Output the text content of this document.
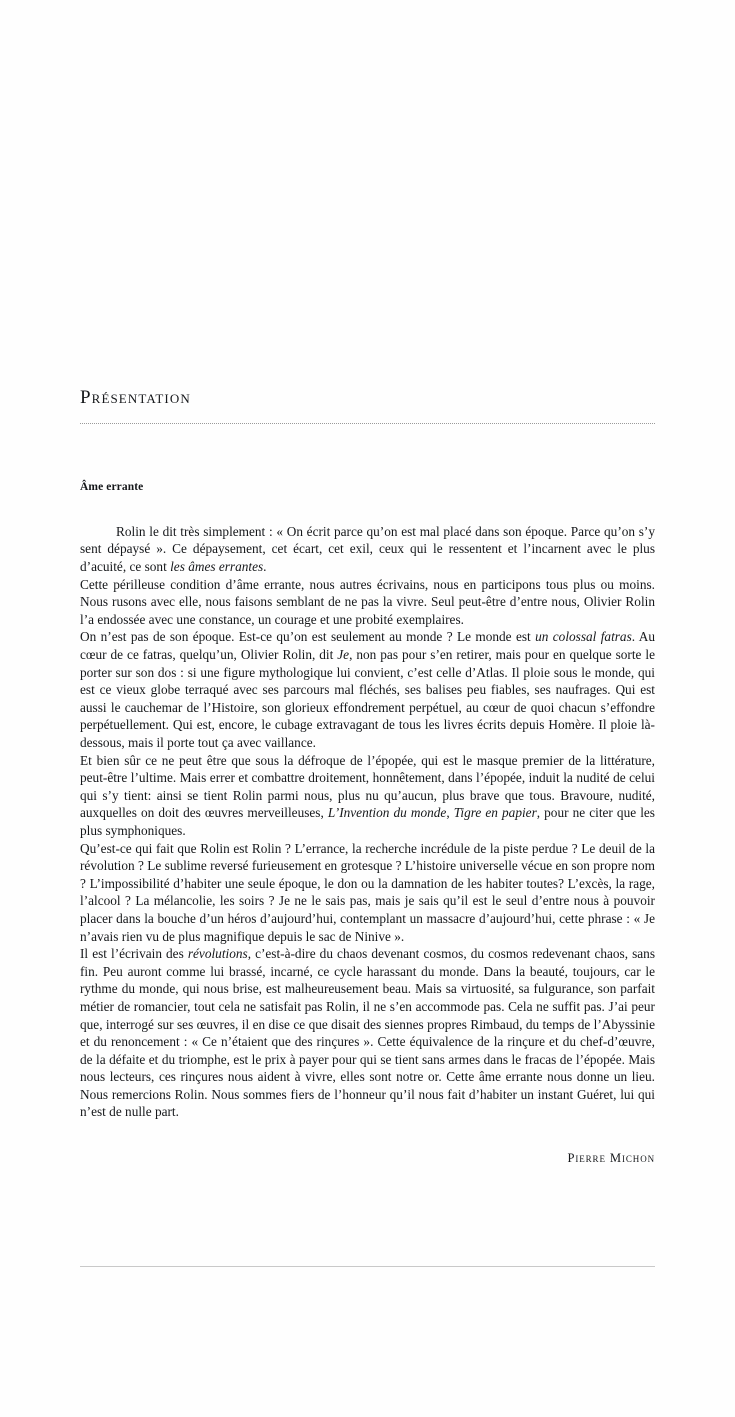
Présentation
Âme errante

Rolin le dit très simplement : « On écrit parce qu’on est mal placé dans son époque. Parce qu’on s’y sent dépaysé ». Ce dépaysement, cet écart, cet exil, ceux qui le ressentent et l’incarnent avec le plus d’acuité, ce sont les âmes errantes.

Cette périlleuse condition d’âme errante, nous autres écrivains, nous en participons tous plus ou moins. Nous rusons avec elle, nous faisons semblant de ne pas la vivre. Seul peut-être d’entre nous, Olivier Rolin l’a endossée avec une constance, un courage et une probité exemplaires.

On n’est pas de son époque. Est-ce qu’on est seulement au monde ? Le monde est un colossal fatras. Au cœur de ce fatras, quelqu’un, Olivier Rolin, dit Je, non pas pour s’en retirer, mais pour en quelque sorte le porter sur son dos : si une figure mythologique lui convient, c’est celle d’Atlas. Il ploie sous le monde, qui est ce vieux globe terraqué avec ses parcours mal fléchés, ses balises peu fiables, ses naufrages. Qui est aussi le cauchemar de l’Histoire, son glorieux effondrement perpétuel, au cœur de quoi chacun s’effondre perpétuellement. Qui est, encore, le cubage extravagant de tous les livres écrits depuis Homère. Il ploie là-dessous, mais il porte tout ça avec vaillance.

Et bien sûr ce ne peut être que sous la défroque de l’épopée, qui est le masque premier de la littérature, peut-être l’ultime. Mais errer et combattre droitement, honnêtement, dans l’épopée, induit la nudité de celui qui s’y tient: ainsi se tient Rolin parmi nous, plus nu qu’aucun, plus brave que tous. Bravoure, nudité, auxquelles on doit des œuvres merveilleuses, L’Invention du monde, Tigre en papier, pour ne citer que les plus symphoniques.

Qu’est-ce qui fait que Rolin est Rolin ? L’errance, la recherche incrédule de la piste perdue ? Le deuil de la révolution ? Le sublime reversé furieusement en grotesque ? L’histoire universelle vécue en son propre nom ? L’impossibilité d’habiter une seule époque, le don ou la damnation de les habiter toutes? L’excès, la rage, l’alcool ? La mélancolie, les soirs ? Je ne le sais pas, mais je sais qu’il est le seul d’entre nous à pouvoir placer dans la bouche d’un héros d’aujourd’hui, contemplant un massacre d’aujourd’hui, cette phrase : « Je n’avais rien vu de plus magnifique depuis le sac de Ninive ».

Il est l’écrivain des révolutions, c’est-à-dire du chaos devenant cosmos, du cosmos redevenant chaos, sans fin. Peu auront comme lui brassé, incarné, ce cycle harassant du monde. Dans la beauté, toujours, car le rythme du monde, qui nous brise, est malheureusement beau. Mais sa virtuosité, sa fulgurance, son parfait métier de romancier, tout cela ne satisfait pas Rolin, il ne s’en accommode pas. Cela ne suffit pas. J’ai peur que, interrogé sur ses œuvres, il en dise ce que disait des siennes propres Rimbaud, du temps de l’Abyssinie et du renoncement : « Ce n’étaient que des rinçures ». Cette équivalence de la rinçure et du chef-d’œuvre, de la défaite et du triomphe, est le prix à payer pour qui se tient sans armes dans le fracas de l’épopée. Mais nous lecteurs, ces rinçures nous aident à vivre, elles sont notre or. Cette âme errante nous donne un lieu. Nous remercions Rolin. Nous sommes fiers de l’honneur qu’il nous fait d’habiter un instant Guéret, lui qui n’est de nulle part.

Pierre Michon
